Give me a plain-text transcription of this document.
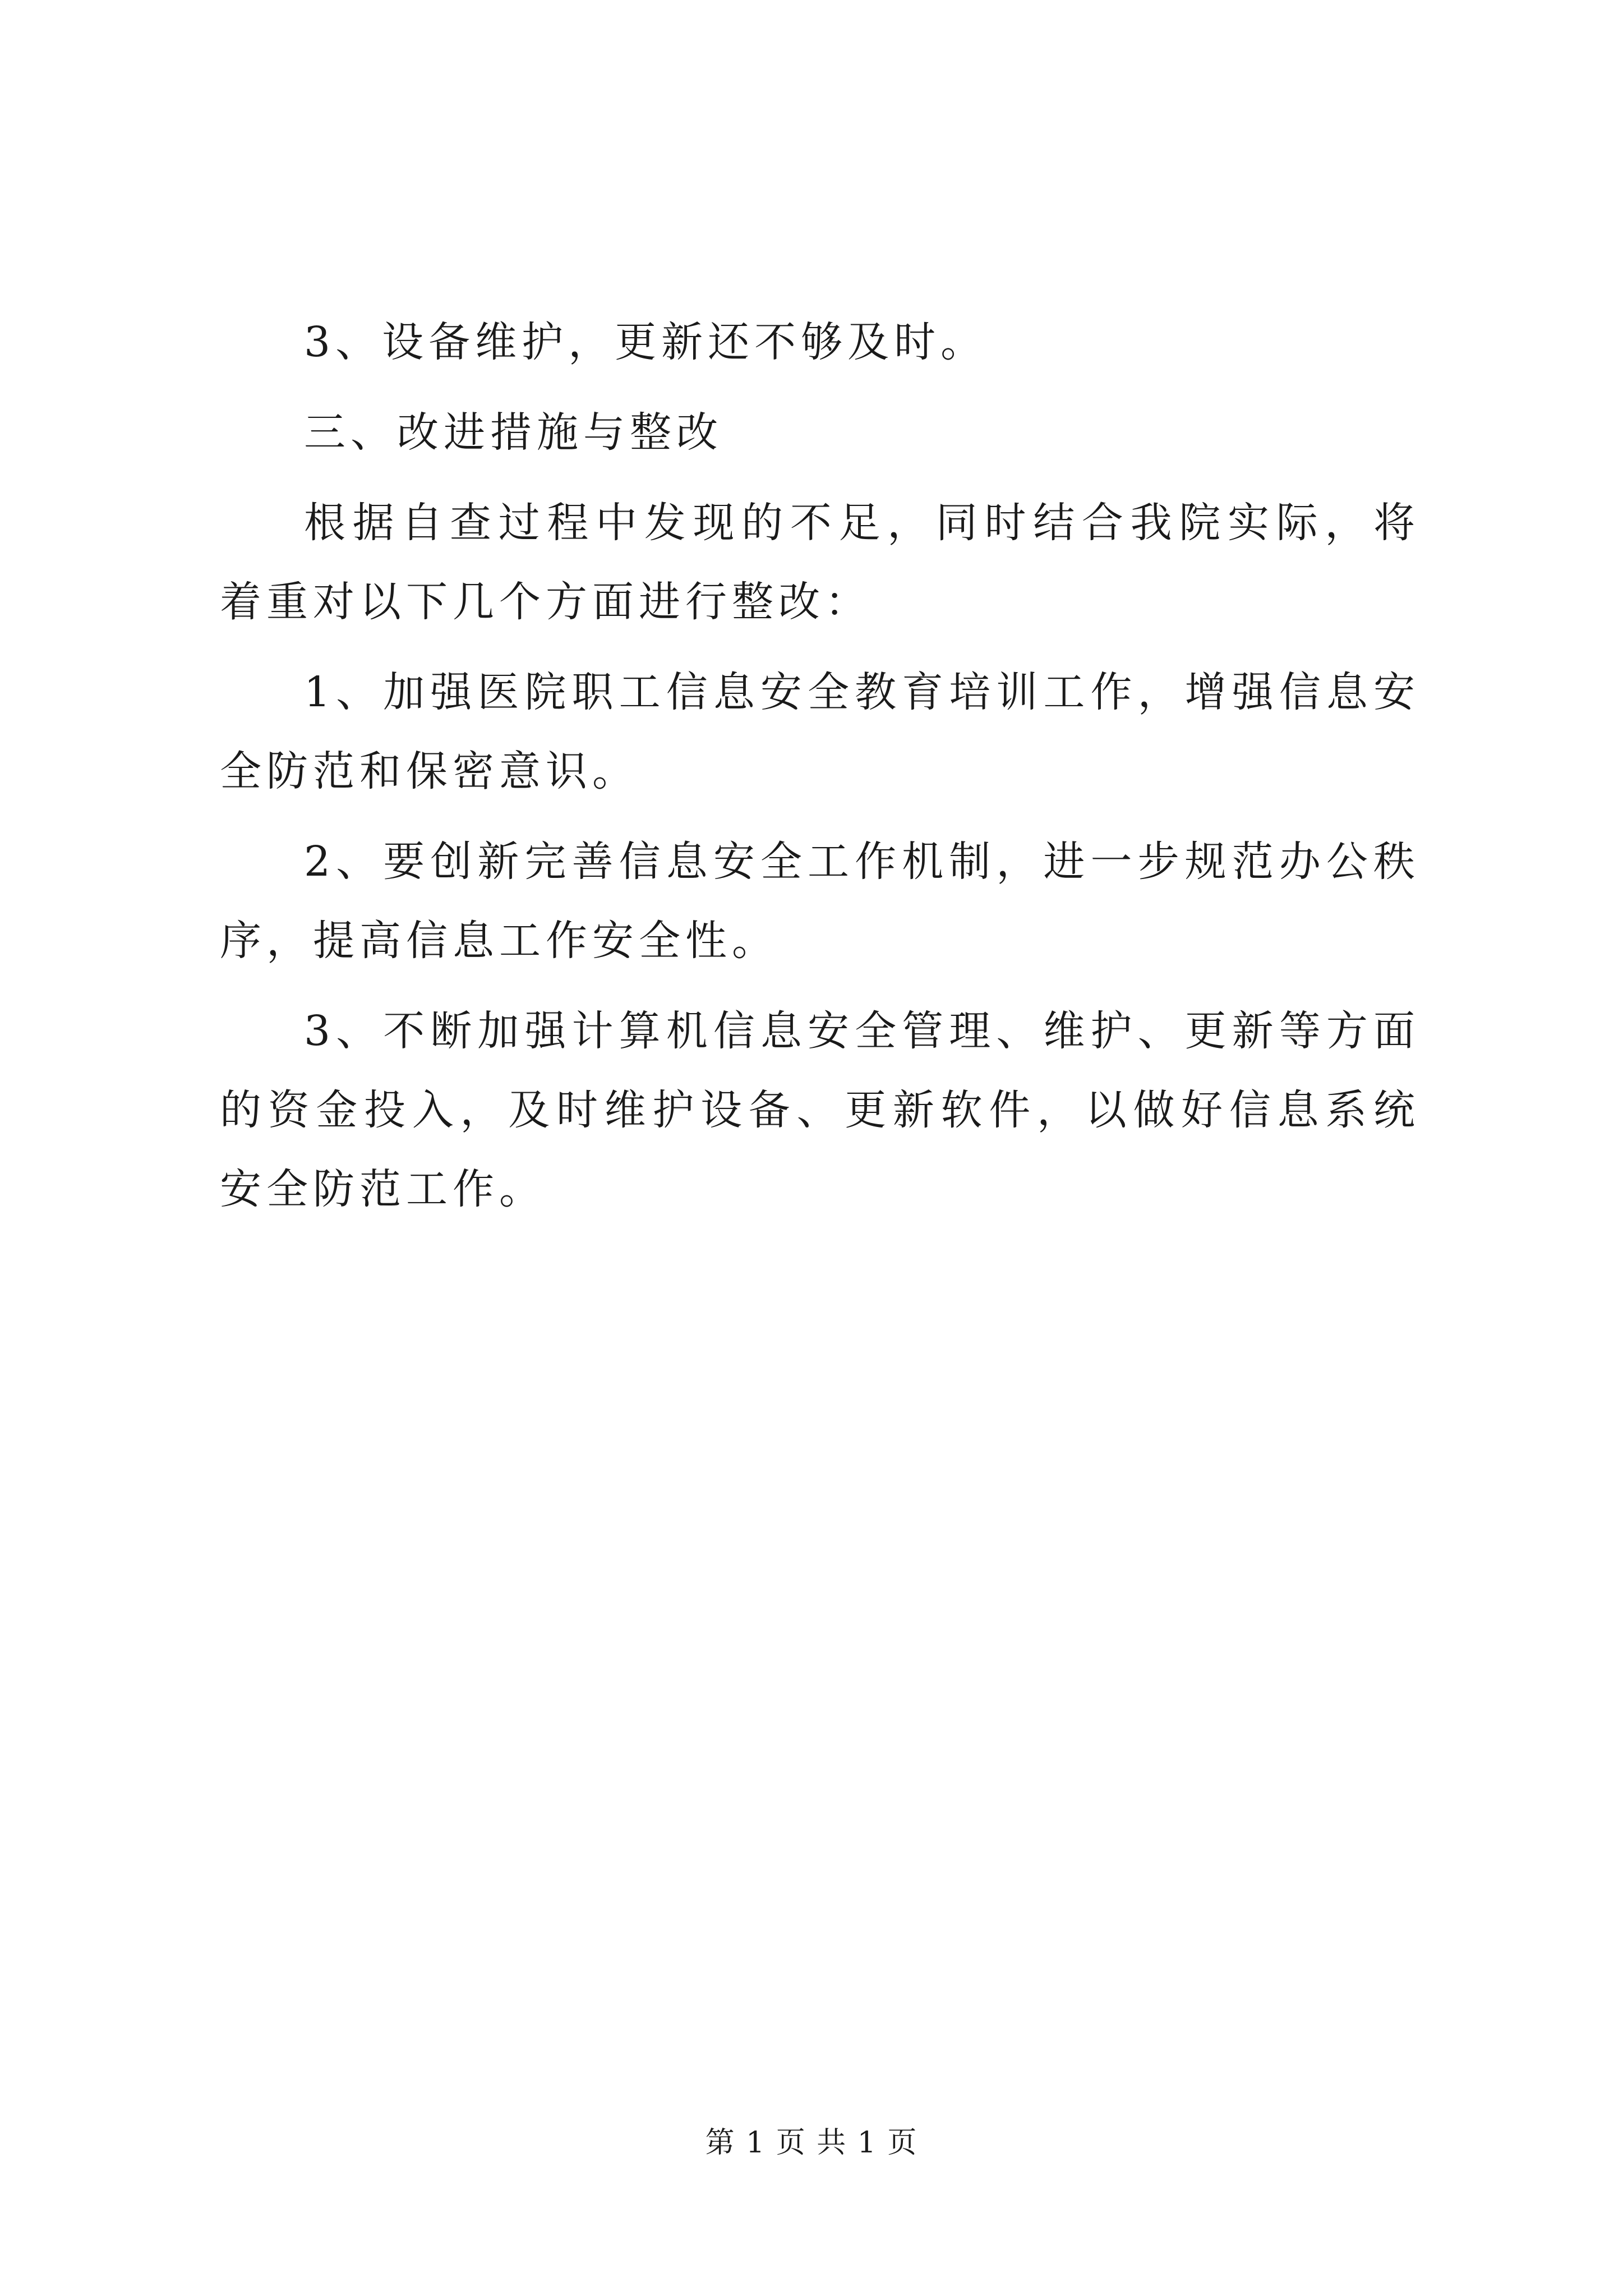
3、设备维护，更新还不够及时。

三、改进措施与整改

根据自查过程中发现的不足，同时结合我院实际，将着重对以下几个方面进行整改：

1、加强医院职工信息安全教育培训工作，增强信息安全防范和保密意识。

2、要创新完善信息安全工作机制，进一步规范办公秩序，提高信息工作安全性。

3、不断加强计算机信息安全管理、维护、更新等方面的资金投入，及时维护设备、更新软件，以做好信息系统安全防范工作。

第 1 页 共 1 页
